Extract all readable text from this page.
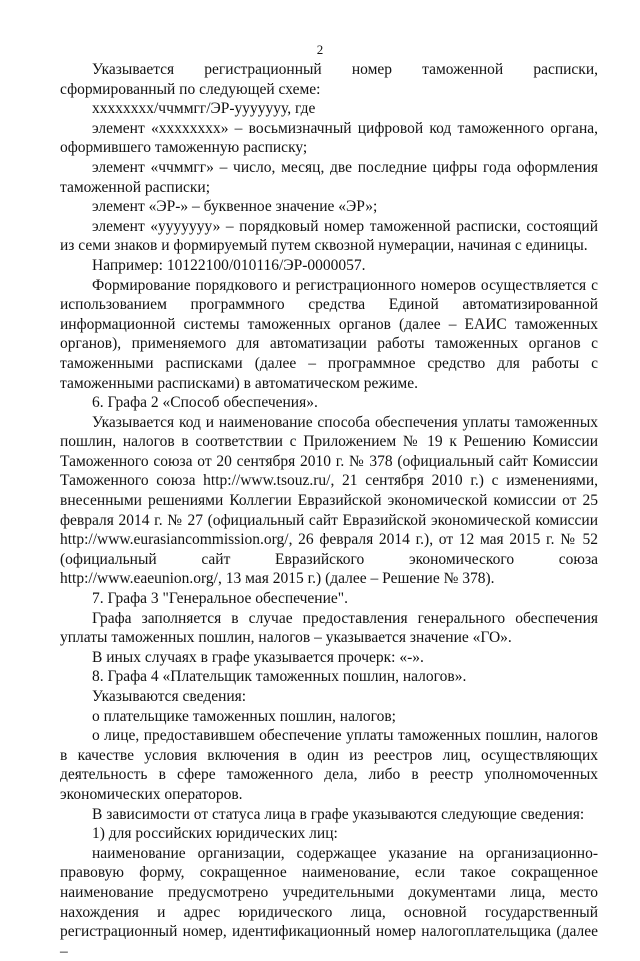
2

Указывается регистрационный номер таможенной расписки, сформированный по следующей схеме:

хххххххх/ччммгг/ЭР-ууууууу, где

элемент «хххххххх» – восьмизначный цифровой код таможенного органа, оформившего таможенную расписку;

элемент «ччммгг» – число, месяц, две последние цифры года оформления таможенной расписки;

элемент «ЭР-» – буквенное значение «ЭР»;

элемент «ууууууу» – порядковый номер таможенной расписки, состоящий из семи знаков и формируемый путем сквозной нумерации, начиная с единицы.

Например: 10122100/010116/ЭР-0000057.

Формирование порядкового и регистрационного номеров осуществляется с использованием программного средства Единой автоматизированной информационной системы таможенных органов (далее – ЕАИС таможенных органов), применяемого для автоматизации работы таможенных органов с таможенными расписками (далее – программное средство для работы с таможенными расписками) в автоматическом режиме.

6. Графа 2 «Способ обеспечения».

Указывается код и наименование способа обеспечения уплаты таможенных пошлин, налогов в соответствии с Приложением № 19 к Решению Комиссии Таможенного союза от 20 сентября 2010 г. № 378 (официальный сайт Комиссии Таможенного союза http://www.tsouz.ru/, 21 сентября 2010 г.) с изменениями, внесенными решениями Коллегии Евразийской экономической комиссии от 25 февраля 2014 г. № 27 (официальный сайт Евразийской экономической комиссии http://www.eurasiancommission.org/, 26 февраля 2014 г.), от 12 мая 2015 г. № 52 (официальный сайт Евразийского экономического союза http://www.eaeunion.org/, 13 мая 2015 г.) (далее – Решение № 378).

7. Графа 3 "Генеральное обеспечение".

Графа заполняется в случае предоставления генерального обеспечения уплаты таможенных пошлин, налогов – указывается значение «ГО».

В иных случаях в графе указывается прочерк: «-».

8. Графа 4 «Плательщик таможенных пошлин, налогов».

Указываются сведения:

о плательщике таможенных пошлин, налогов;

о лице, предоставившем обеспечение уплаты таможенных пошлин, налогов в качестве условия включения в один из реестров лиц, осуществляющих деятельность в сфере таможенного дела, либо в реестр уполномоченных экономических операторов.

В зависимости от статуса лица в графе указываются следующие сведения:

1) для российских юридических лиц:

наименование организации, содержащее указание на организационно-правовую форму, сокращенное наименование, если такое сокращенное наименование предусмотрено учредительными документами лица, место нахождения и адрес юридического лица, основной государственный регистрационный номер, идентификационный номер налогоплательщика (далее –
